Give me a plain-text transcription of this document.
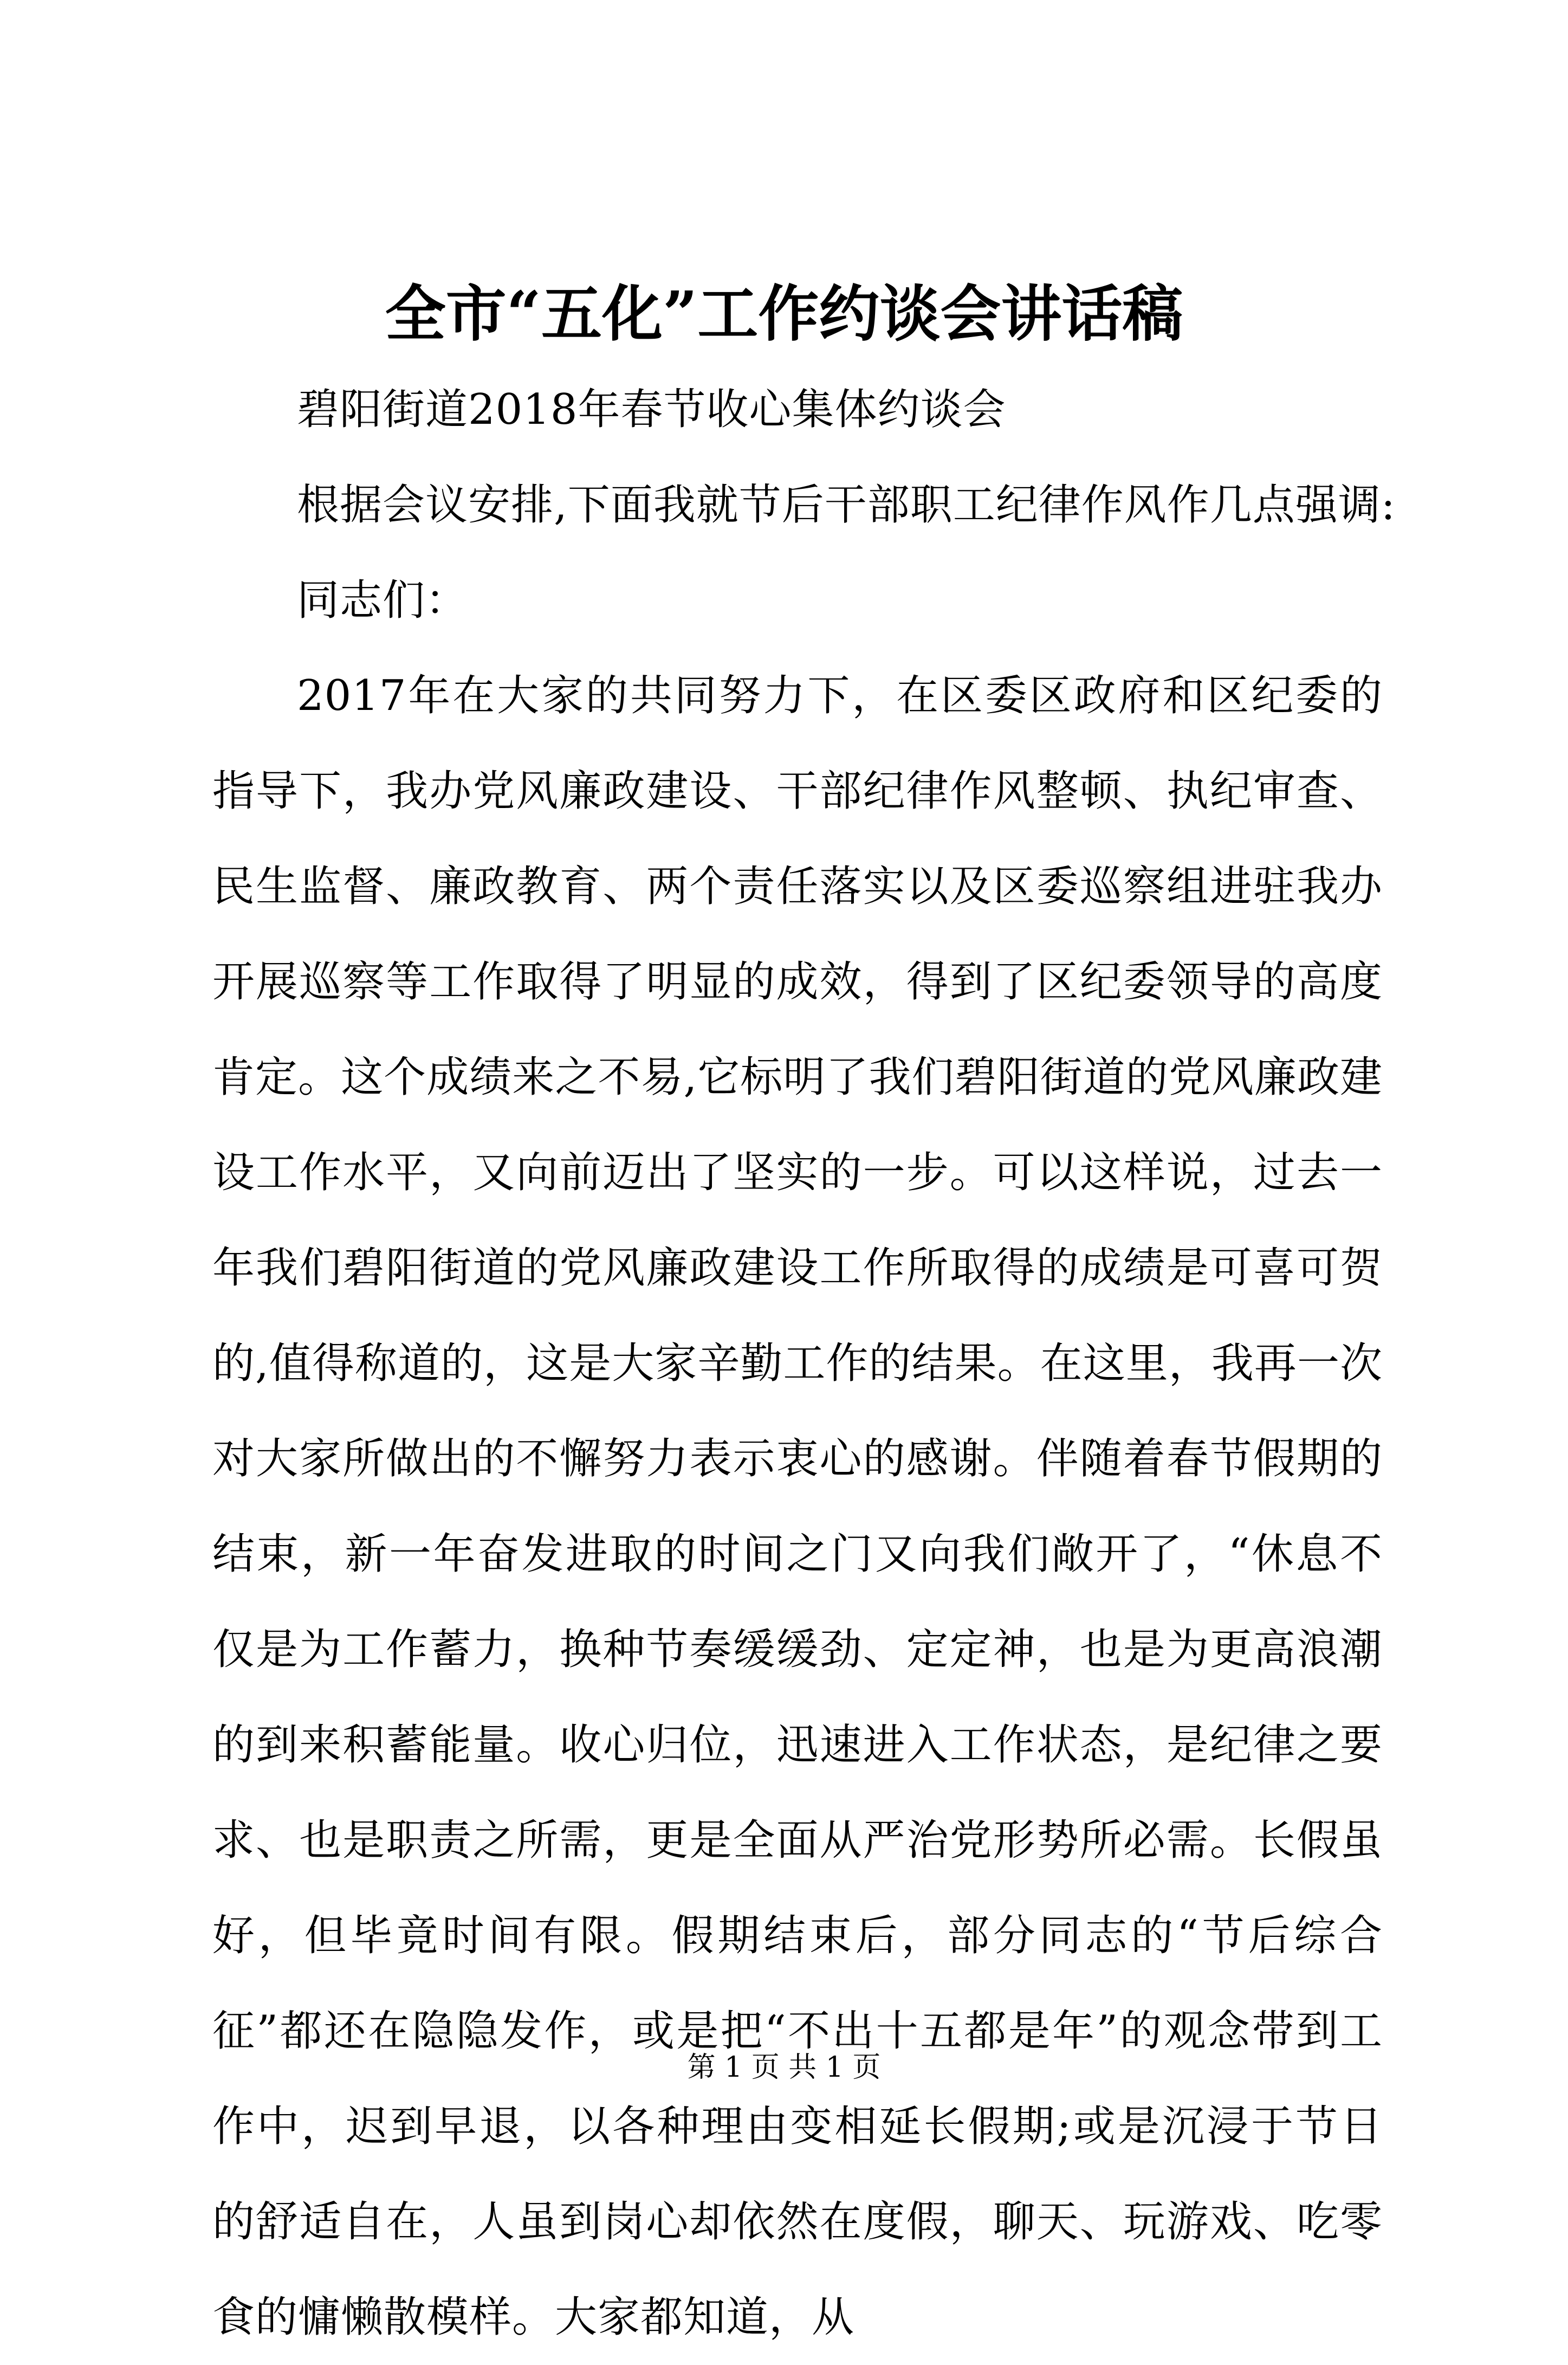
全市“五化”工作约谈会讲话稿

碧阳街道2018年春节收心集体约谈会

根据会议安排,下面我就节后干部职工纪律作风作几点强调:

同志们：

2017年在大家的共同努力下，在区委区政府和区纪委的指导下，我办党风廉政建设、干部纪律作风整顿、执纪审查、民生监督、廉政教育、两个责任落实以及区委巡察组进驻我办开展巡察等工作取得了明显的成效，得到了区纪委领导的高度肯定。这个成绩来之不易,它标明了我们碧阳街道的党风廉政建设工作水平，又向前迈出了坚实的一步。可以这样说，过去一年我们碧阳街道的党风廉政建设工作所取得的成绩是可喜可贺的,值得称道的，这是大家辛勤工作的结果。在这里，我再一次对大家所做出的不懈努力表示衷心的感谢。伴随着春节假期的结束，新一年奋发进取的时间之门又向我们敞开了，“休息不仅是为工作蓄力，换种节奏缓缓劲、定定神，也是为更高浪潮的到来积蓄能量。收心归位，迅速进入工作状态，是纪律之要求、也是职责之所需，更是全面从严治党形势所必需。长假虽好，但毕竟时间有限。假期结束后，部分同志的“节后综合征”都还在隐隐发作，或是把“不出十五都是年”的观念带到工作中，迟到早退，以各种理由变相延长假期;或是沉浸于节日的舒适自在，人虽到岗心却依然在度假，聊天、玩游戏、吃零食的慵懒散模样。大家都知道，从

第 1 页 共 1 页
